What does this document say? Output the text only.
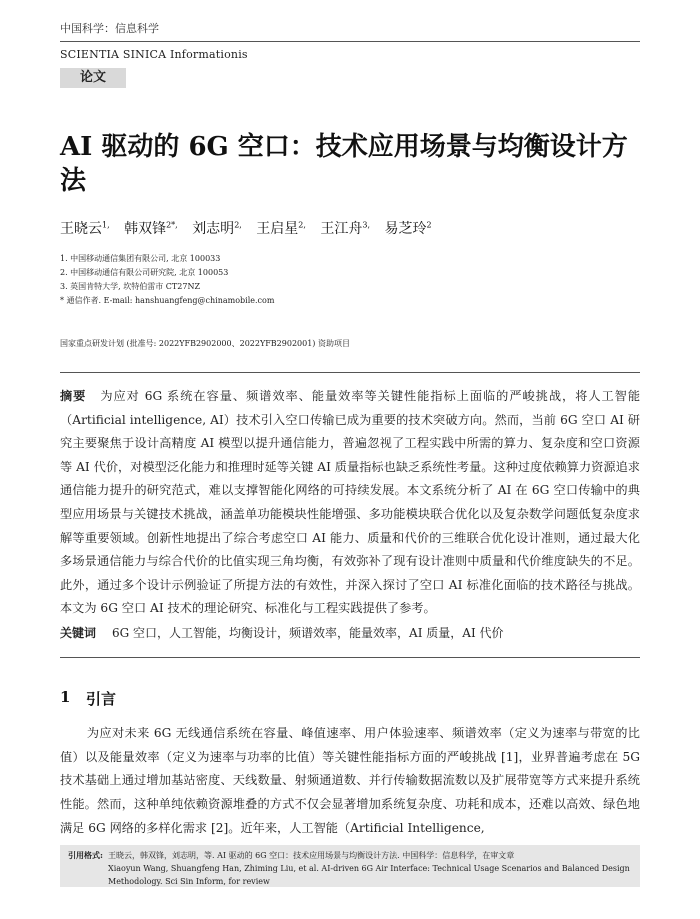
中国科学：信息科学
SCIENTIA SINICA Informationis
论文
AI 驱动的 6G 空口：技术应用场景与均衡设计方法
王晓云$^{1,}$ 韩双锋$^{2*,}$ 刘志明$^{2,}$ 王启星$^{2,}$ 王江舟$^{3,}$ 易芝玲$^2$
1. 中国移动通信集团有限公司, 北京 100033
2. 中国移动通信有限公司研究院, 北京 100053
3. 英国肯特大学, 坎特伯雷市 CT27NZ
* 通信作者. E-mail: hanshuangfeng@chinamobile.com
国家重点研发计划 (批准号: 2022YFB2902000、2022YFB2902001) 资助项目
摘要 为应对 6G 系统在容量、频谱效率、能量效率等关键性能指标上面临的严峻挑战，将人工智能（Artificial intelligence, AI）技术引入空口传输已成为重要的技术突破方向。然而，当前 6G 空口 AI 研究主要聚焦于设计高精度 AI 模型以提升通信能力，普遍忽视了工程实践中所需的算力、复杂度和空口资源等 AI 代价，对模型泛化能力和推理时延等关键 AI 质量指标也缺乏系统性考量。这种过度依赖算力资源追求通信能力提升的研究范式，难以支撑智能化网络的可持续发展。本文系统分析了 AI 在 6G 空口传输中的典型应用场景与关键技术挑战，涵盖单功能模块性能增强、多功能模块联合优化以及复杂数学问题低复杂度求解等重要领域。创新性地提出了综合考虑空口 AI 能力、质量和代价的三维联合优化设计准则，通过最大化多场景通信能力与综合代价的比值实现三角均衡，有效弥补了现有设计准则中质量和代价维度缺失的不足。此外，通过多个设计示例验证了所提方法的有效性，并深入探讨了空口 AI 标准化面临的技术路径与挑战。本文为 6G 空口 AI 技术的理论研究、标准化与工程实践提供了参考。
关键词 6G 空口，人工智能，均衡设计，频谱效率，能量效率，AI 质量，AI 代价
1 引言
为应对未来 6G 无线通信系统在容量、峰值速率、用户体验速率、频谱效率（定义为速率与带宽的比值）以及能量效率（定义为速率与功率的比值）等关键性能指标方面的严峻挑战 [1]，业界普遍考虑在 5G 技术基础上通过增加基站密度、天线数量、射频通道数、并行传输数据流数以及扩展带宽等方式来提升系统性能。然而，这种单纯依赖资源堆叠的方式不仅会显著增加系统复杂度、功耗和成本，还难以高效、绿色地满足 6G 网络的多样化需求 [2]。近年来，人工智能（Artificial Intelligence,
引用格式: 王晓云，韩双锋，刘志明，等. AI 驱动的 6G 空口：技术应用场景与均衡设计方法. 中国科学：信息科学，在审文章
Xiaoyun Wang, Shuangfeng Han, Zhiming Liu, et al. AI-driven 6G Air Interface: Technical Usage Scenarios and Balanced Design Methodology. Sci Sin Inform, for review
